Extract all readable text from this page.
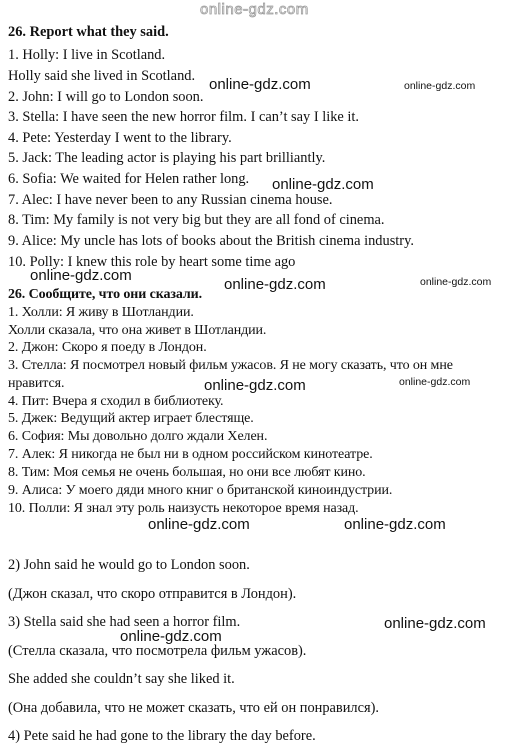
online-gdz.com
26. Report what they said.
1. Holly: I live in Scotland.
Holly said she lived in Scotland.
2. John: I will go to London soon.
3. Stella: I have seen the new horror film. I can’t say I like it.
4. Pete: Yesterday I went to the library.
5. Jack: The leading actor is playing his part brilliantly.
6. Sofia: We waited for Helen rather long.
7. Alec: I have never been to any Russian cinema house.
8. Tim: My family is not very big but they are all fond of cinema.
9. Alice: My uncle has lots of books about the British cinema industry.
10. Polly: I knew this role by heart some time ago
26. Сообщите, что они сказали.
1. Холли: Я живу в Шотландии.
Холли сказала, что она живет в Шотландии.
2. Джон: Скоро я поеду в Лондон.
3. Стелла: Я посмотрел новый фильм ужасов. Я не могу сказать, что он мне
нравится.
4. Пит: Вчера я сходил в библиотеку.
5. Джек: Ведущий актер играет блестяще.
6. София: Мы довольно долго ждали Хелен.
7. Алек: Я никогда не был ни в одном российском кинотеатре.
8. Тим: Моя семья не очень большая, но они все любят кино.
9. Алиса: У моего дяди много книг о британской киноиндустрии.
10. Полли: Я знал эту роль наизусть некоторое время назад.
2) John said he would go to London soon.
(Джон сказал, что скоро отправится в Лондон).
3) Stella said she had seen a horror film.
(Стелла сказала, что посмотрела фильм ужасов).
She added she couldn’t say she liked it.
(Она добавила, что не может сказать, что ей он понравился).
4) Pete said he had gone to the library the day before.
online-gdz.com	online-gdz.com
online-gdz.com
online-gdz.com
online-gdz.com	online-gdz.com
online-gdz.com	online-gdz.com
online-gdz.com	online-gdz.com
online-gdz.com
online-gdz.com
